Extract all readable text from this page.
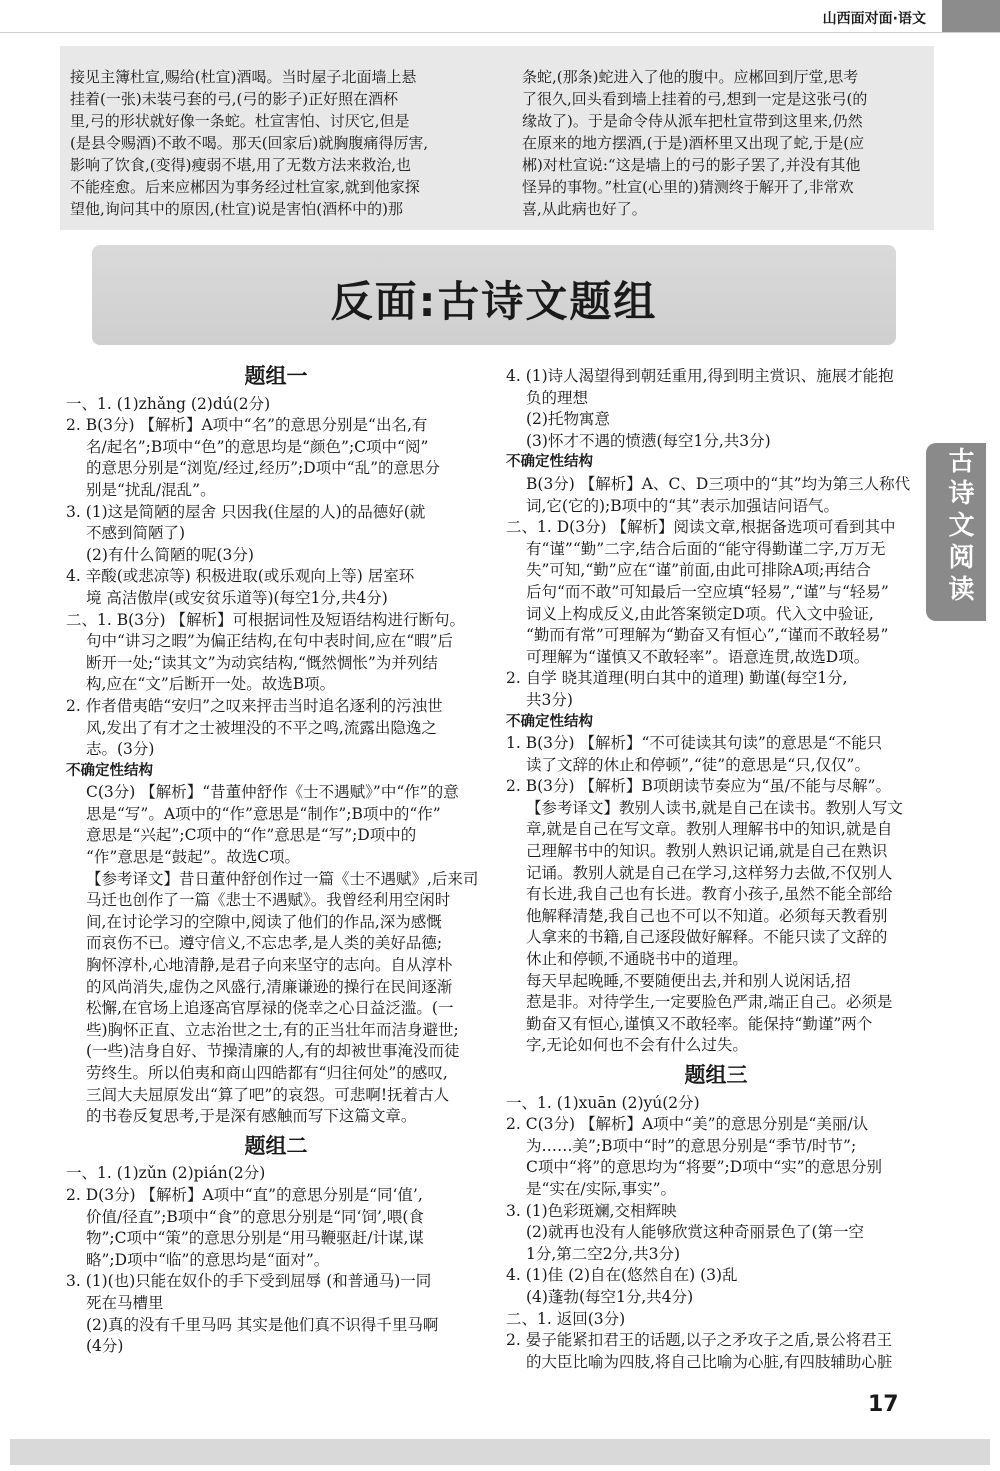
山西面对面·语文
接见主簿杜宣,赐给(杜宣)酒喝。当时屋子北面墙上悬
挂着(一张)未装弓套的弓,(弓的影子)正好照在酒杯
里,弓的形状就好像一条蛇。杜宣害怕、讨厌它,但是
(是县令赐酒)不敢不喝。那天(回家后)就胸腹痛得厉害,
影响了饮食,(变得)瘦弱不堪,用了无数方法来救治,也
不能痊愈。后来应郴因为事务经过杜宣家,就到他家探
望他,询问其中的原因,(杜宣)说是害怕(酒杯中的)那
条蛇,(那条)蛇进入了他的腹中。应郴回到厅堂,思考
了很久,回头看到墙上挂着的弓,想到一定是这张弓(的
缘故了)。于是命令侍从派车把杜宣带到这里来,仍然
在原来的地方摆酒,(于是)酒杯里又出现了蛇,于是(应
郴)对杜宣说:“这是墙上的弓的影子罢了,并没有其他
怪异的事物。”杜宣(心里的)猜测终于解开了,非常欢
喜,从此病也好了。
反面:古诗文题组
古诗文阅读
题组一
一、1. (1)zhǎng (2)dú(2分)
2. B(3分) 【解析】A项中“名”的意思分别是“出名,有
名/起名”;B项中“色”的意思均是“颜色”;C项中“阅”
的意思分别是“浏览/经过,经历”;D项中“乱”的意思分
别是“扰乱/混乱”。
3. (1)这是简陋的屋舍 只因我(住屋的人)的品德好(就
不感到简陋了)
(2)有什么简陋的呢(3分)
4. 辛酸(或悲凉等) 积极进取(或乐观向上等) 居室环
境 高洁傲岸(或安贫乐道等)(每空1分,共4分)
二、1. B(3分) 【解析】可根据词性及短语结构进行断句。
句中“讲习之暇”为偏正结构,在句中表时间,应在“暇”后
断开一处;“读其文”为动宾结构,“慨然惆怅”为并列结
构,应在“文”后断开一处。故选B项。
2. 作者借夷皓“安归”之叹来抨击当时追名逐利的污浊世
风,发出了有才之士被埋没的不平之鸣,流露出隐逸之
志。(3分)
不确定性结构
C(3分) 【解析】“昔董仲舒作《士不遇赋》”中“作”的意
思是“写”。A项中的“作”意思是“制作”;B项中的“作”
意思是“兴起”;C项中的“作”意思是“写”;D项中的
“作”意思是“鼓起”。故选C项。
【参考译文】昔日董仲舒创作过一篇《士不遇赋》,后来司
马迁也创作了一篇《悲士不遇赋》。我曾经利用空闲时
间,在讨论学习的空隙中,阅读了他们的作品,深为感慨
而哀伤不已。遵守信义,不忘忠孝,是人类的美好品德;
胸怀淳朴,心地清静,是君子向来坚守的志向。自从淳朴
的风尚消失,虚伪之风盛行,清廉谦逊的操行在民间逐渐
松懈,在官场上追逐高官厚禄的侥幸之心日益泛滥。(一
些)胸怀正直、立志治世之士,有的正当壮年而洁身避世;
(一些)洁身自好、节操清廉的人,有的却被世事淹没而徒
劳终生。所以伯夷和商山四皓都有“归往何处”的感叹,
三闾大夫屈原发出“算了吧”的哀怨。可悲啊!抚着古人
的书卷反复思考,于是深有感触而写下这篇文章。
题组二
一、1. (1)zǔn (2)pián(2分)
2. D(3分) 【解析】A项中“直”的意思分别是“同‘值’,
价值/径直”;B项中“食”的意思分别是“同‘饲’,喂(食
物”;C项中“策”的意思分别是“用马鞭驱赶/计谋,谋
略”;D项中“临”的意思均是“面对”。
3. (1)(也)只能在奴仆的手下受到屈辱 (和普通马)一同
死在马槽里
(2)真的没有千里马吗 其实是他们真不识得千里马啊
(4分)
4. (1)诗人渴望得到朝廷重用,得到明主赏识、施展才能抱
负的理想
(2)托物寓意
(3)怀才不遇的愤懑(每空1分,共3分)
不确定性结构
B(3分) 【解析】A、C、D三项中的“其”均为第三人称代
词,它(它的);B项中的“其”表示加强诘问语气。
二、1. D(3分) 【解析】阅读文章,根据备选项可看到其中
有“谨”“勤”二字,结合后面的“能守得勤谨二字,万万无
失”可知,“勤”应在“谨”前面,由此可排除A项;再结合
后句“而不敢”可知最后一空应填“轻易”,“谨”与“轻易”
词义上构成反义,由此答案锁定D项。代入文中验证,
“勤而有常”可理解为“勤奋又有恒心”,“谨而不敢轻易”
可理解为“谨慎又不敢轻率”。语意连贯,故选D项。
2. 自学 晓其道理(明白其中的道理) 勤谨(每空1分,
共3分)
不确定性结构
1. B(3分) 【解析】“不可徒读其句读”的意思是“不能只
读了文辞的休止和停顿”,“徒”的意思是“只,仅仅”。
2. B(3分) 【解析】B项朗读节奏应为“虽/不能与尽解”。
【参考译文】教别人读书,就是自己在读书。教别人写文
章,就是自己在写文章。教别人理解书中的知识,就是自
己理解书中的知识。教别人熟识记诵,就是自己在熟识
记诵。教别人就是自己在学习,这样努力去做,不仅别人
有长进,我自己也有长进。教育小孩子,虽然不能全部给
他解释清楚,我自己也不可以不知道。必须每天教看别
人拿来的书籍,自己逐段做好解释。不能只读了文辞的
休止和停顿,不通晓书中的道理。
每天早起晚睡,不要随便出去,并和别人说闲话,招
惹是非。对待学生,一定要脸色严肃,端正自己。必须是
勤奋又有恒心,谨慎又不敢轻率。能保持“勤谨”两个
字,无论如何也不会有什么过失。
题组三
一、1. (1)xuān (2)yú(2分)
2. C(3分) 【解析】A项中“美”的意思分别是“美丽/认
为……美”;B项中“时”的意思分别是“季节/时节”;
C项中“将”的意思均为“将要”;D项中“实”的意思分别
是“实在/实际,事实”。
3. (1)色彩斑斓,交相辉映
(2)就再也没有人能够欣赏这种奇丽景色了(第一空
1分,第二空2分,共3分)
4. (1)佳 (2)自在(悠然自在) (3)乱
(4)蓬勃(每空1分,共4分)
二、1. 返回(3分)
2. 晏子能紧扣君王的话题,以子之矛攻子之盾,景公将君王
的大臣比喻为四肢,将自己比喻为心脏,有四肢辅助心脏
17
